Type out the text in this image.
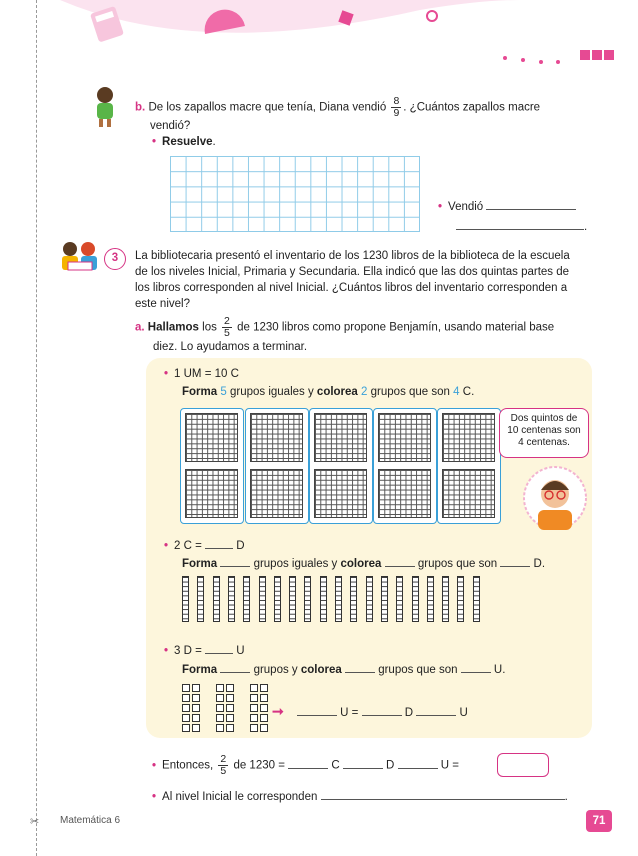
b. De los zapallos macre que tenía, Diana vendió $\frac{8}{9}$ . ¿Cuántos zapallos macre
vendió?
• Resuelve.
• Vendió
.
3	La bibliotecaria presentó el inventario de los 1230 libros de la biblioteca de la escuela
de los niveles Inicial, Primaria y Secundaria. Ella indicó que las dos quintas partes de
los libros corresponden al nivel Inicial. ¿Cuántos libros del inventario corresponden a
este nivel?
a. Hallamos los $\frac{2}{5}$ de 1230 libros como propone Benjamín, usando material base
diez. Lo ayudamos a terminar.
• 1 UM = 10 C
Forma 5 grupos iguales y colorea 2 grupos que son 4 C.
Dos quintos de
10 centenas son
4 centenas.
• 2 C =	D
Forma	grupos iguales y colorea	grupos que son	D.
• 3 D =	U
Forma	grupos y colorea	grupos que son	U.
➞	U =	D	U
• Entonces, $\frac{2}{5}$ de 1230 =	C	D	U =
• Al nivel Inicial le corresponden	.
✂ Matemática 6	71
